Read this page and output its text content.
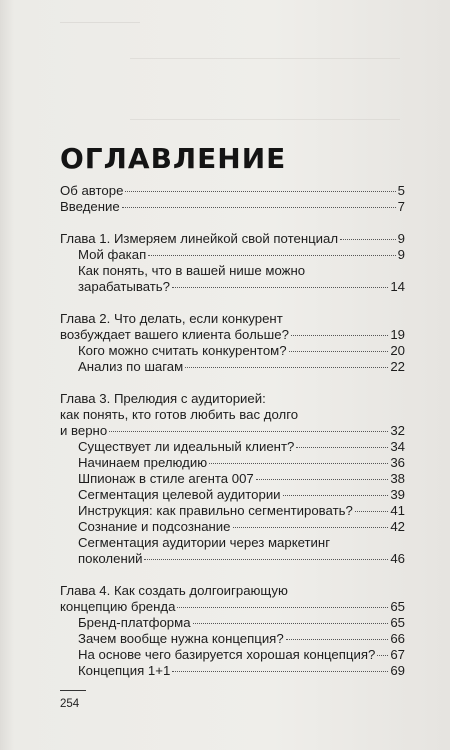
ОГЛАВЛЕНИЕ
Об авторе	5
Введение	7
Глава 1. Измеряем линейкой свой потенциал	9
Мой факап	9
Как понять, что в вашей нише можно
зарабатывать?	14
Глава 2. Что делать, если конкурент
возбуждает вашего клиента больше?	19
Кого можно считать конкурентом?	20
Анализ по шагам	22
Глава 3. Прелюдия с аудиторией:
как понять, кто готов любить вас долго
и верно	32
Существует ли идеальный клиент?	34
Начинаем прелюдию	36
Шпионаж в стиле агента 007	38
Сегментация целевой аудитории	39
Инструкция: как правильно сегментировать?	41
Сознание и подсознание	42
Сегментация аудитории через маркетинг
поколений	46
Глава 4. Как создать долгоиграющую
концепцию бренда	65
Бренд-платформа	65
Зачем вообще нужна концепция?	66
На основе чего базируется хорошая концепция? 67
Концепция 1+1	69
254
